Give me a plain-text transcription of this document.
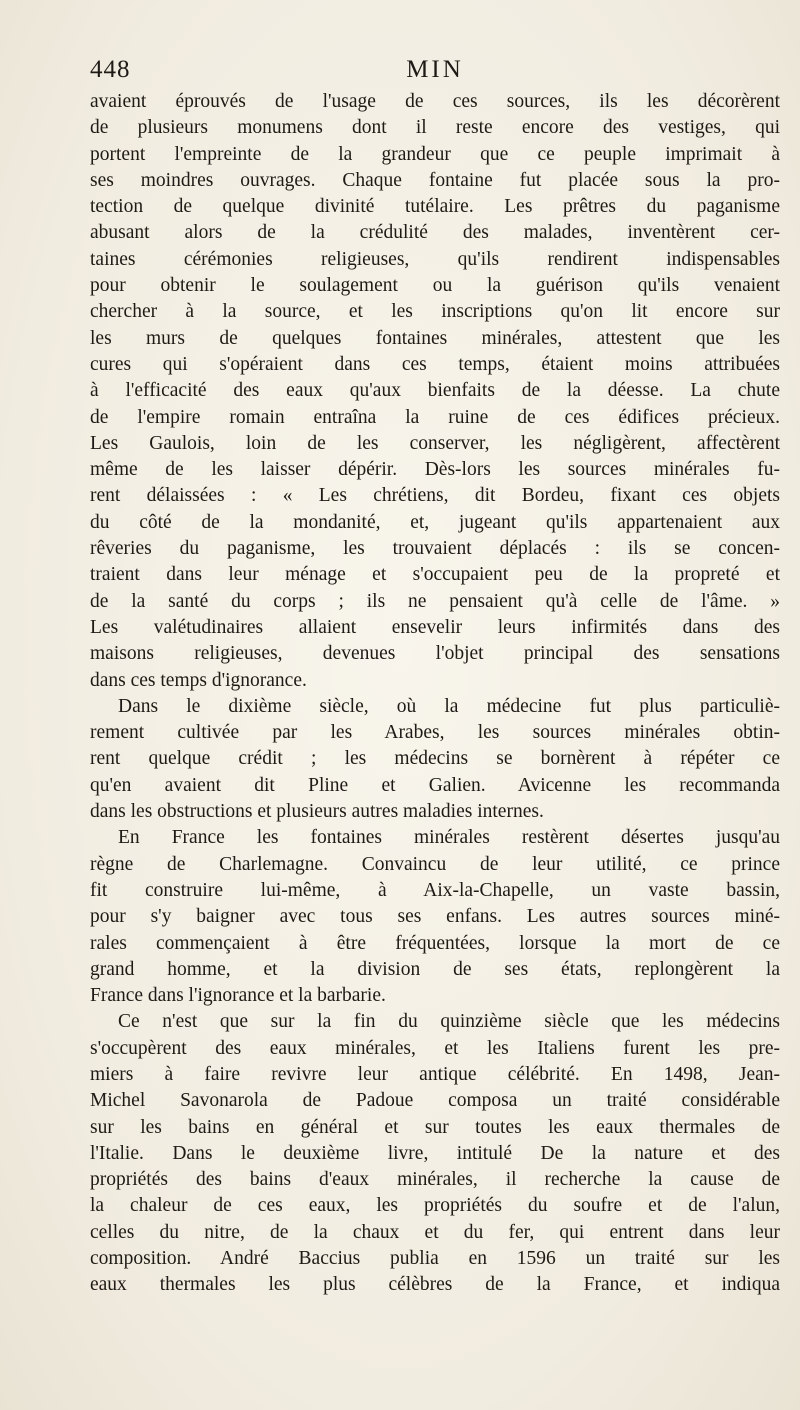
448	MIN
avaient éprouvés de l'usage de ces sources, ils les décorèrent
de plusieurs monumens dont il reste encore des vestiges, qui
portent l'empreinte de la grandeur que ce peuple imprimait à
ses moindres ouvrages. Chaque fontaine fut placée sous la pro-
tection de quelque divinité tutélaire. Les prêtres du paganisme
abusant alors de la crédulité des malades, inventèrent cer-
taines cérémonies religieuses, qu'ils rendirent indispensables
pour obtenir le soulagement ou la guérison qu'ils venaient
chercher à la source, et les inscriptions qu'on lit encore sur
les murs de quelques fontaines minérales, attestent que les
cures qui s'opéraient dans ces temps, étaient moins attribuées
à l'efficacité des eaux qu'aux bienfaits de la déesse. La chute
de l'empire romain entraîna la ruine de ces édifices précieux.
Les Gaulois, loin de les conserver, les négligèrent, affectèrent
même de les laisser dépérir. Dès-lors les sources minérales fu-
rent délaissées : « Les chrétiens, dit Bordeu, fixant ces objets
du côté de la mondanité, et, jugeant qu'ils appartenaient aux
rêveries du paganisme, les trouvaient déplacés : ils se concen-
traient dans leur ménage et s'occupaient peu de la propreté et
de la santé du corps ; ils ne pensaient qu'à celle de l'âme. »
Les valétudinaires allaient ensevelir leurs infirmités dans des
maisons religieuses, devenues l'objet principal des sensations
dans ces temps d'ignorance.
Dans le dixième siècle, où la médecine fut plus particuliè-
rement cultivée par les Arabes, les sources minérales obtin-
rent quelque crédit ; les médecins se bornèrent à répéter ce
qu'en avaient dit Pline et Galien. Avicenne les recommanda
dans les obstructions et plusieurs autres maladies internes.
En France les fontaines minérales restèrent désertes jusqu'au
règne de Charlemagne. Convaincu de leur utilité, ce prince
fit construire lui-même, à Aix-la-Chapelle, un vaste bassin,
pour s'y baigner avec tous ses enfans. Les autres sources miné-
rales commençaient à être fréquentées, lorsque la mort de ce
grand homme, et la division de ses états, replongèrent la
France dans l'ignorance et la barbarie.
Ce n'est que sur la fin du quinzième siècle que les médecins
s'occupèrent des eaux minérales, et les Italiens furent les pre-
miers à faire revivre leur antique célébrité. En 1498, Jean-
Michel Savonarola de Padoue composa un traité considérable
sur les bains en général et sur toutes les eaux thermales de
l'Italie. Dans le deuxième livre, intitulé De la nature et des
propriétés des bains d'eaux minérales, il recherche la cause de
la chaleur de ces eaux, les propriétés du soufre et de l'alun,
celles du nitre, de la chaux et du fer, qui entrent dans leur
composition. André Baccius publia en 1596 un traité sur les
eaux thermales les plus célèbres de la France, et indiqua
